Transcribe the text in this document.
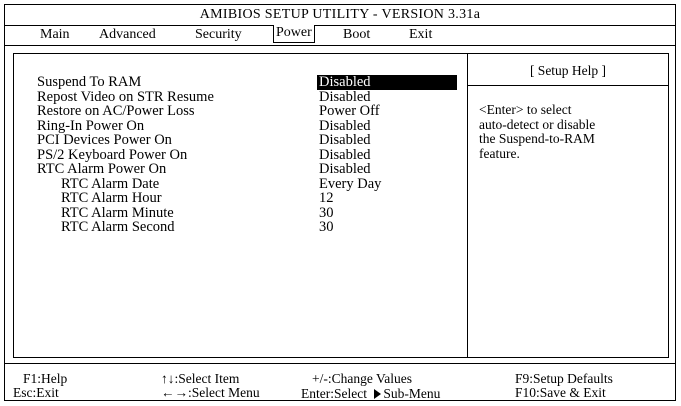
AMIBIOS SETUP UTILITY - VERSION 3.31a
Main Advanced	Security Power Boot	Exit
[ Setup Help ]
<Enter> to select
auto-detect or disable
the Suspend-to-RAM
feature.
Suspend To RAM	Disabled
Repost Video on STR Resume	Disabled
Restore on AC/Power Loss	Power Off
Ring-In Power On	Disabled
PCI Devices Power On	Disabled
PS/2 Keyboard Power On	Disabled
RTC Alarm Power On	Disabled
RTC Alarm Date	Every Day
RTC Alarm Hour	12
RTC Alarm Minute	30
RTC Alarm Second	30
F1:Help
Esc:Exit
↑↓:Select Item
←→:Select Menu
+/-:Change Values
Enter:Select Sub-Menu
F9:Setup Defaults
F10:Save & Exit
